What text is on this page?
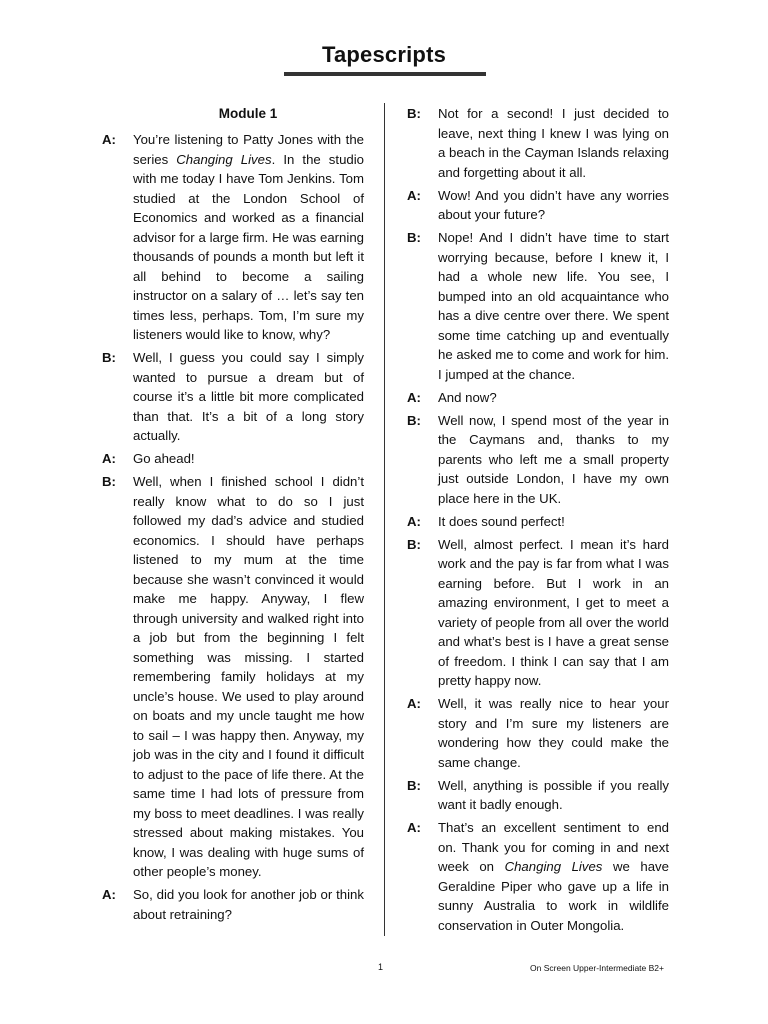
Tapescripts
Module 1
A:	You’re listening to Patty Jones with the series Changing Lives. In the studio with me today I have Tom Jenkins. Tom studied at the London School of Economics and worked as a financial advisor for a large firm. He was earning thousands of pounds a month but left it all behind to become a sailing instructor on a salary of … let’s say ten times less, perhaps. Tom, I’m sure my listeners would like to know, why?
B:	Well, I guess you could say I simply wanted to pursue a dream but of course it’s a little bit more complicated than that. It’s a bit of a long story actually.
A:	Go ahead!
B:	Well, when I finished school I didn’t really know what to do so I just followed my dad’s advice and studied economics. I should have perhaps listened to my mum at the time because she wasn’t convinced it would make me happy. Anyway, I flew through university and walked right into a job but from the beginning I felt something was missing. I started remembering family holidays at my uncle’s house. We used to play around on boats and my uncle taught me how to sail – I was happy then. Anyway, my job was in the city and I found it difficult to adjust to the pace of life there. At the same time I had lots of pressure from my boss to meet deadlines. I was really stressed about making mistakes. You know, I was dealing with huge sums of other people’s money.
A:	So, did you look for another job or think about retraining?
B:	Not for a second! I just decided to leave, next thing I knew I was lying on a beach in the Cayman Islands relaxing and forgetting about it all.
A:	Wow! And you didn’t have any worries about your future?
B:	Nope! And I didn’t have time to start worrying because, before I knew it, I had a whole new life. You see, I bumped into an old acquaintance who has a dive centre over there. We spent some time catching up and eventually he asked me to come and work for him. I jumped at the chance.
A:	And now?
B:	Well now, I spend most of the year in the Caymans and, thanks to my parents who left me a small property just outside London, I have my own place here in the UK.
A:	It does sound perfect!
B:	Well, almost perfect. I mean it’s hard work and the pay is far from what I was earning before. But I work in an amazing environment, I get to meet a variety of people from all over the world and what’s best is I have a great sense of freedom. I think I can say that I am pretty happy now.
A:	Well, it was really nice to hear your story and I’m sure my listeners are wondering how they could make the same change.
B:	Well, anything is possible if you really want it badly enough.
A:	That’s an excellent sentiment to end on. Thank you for coming in and next week on Changing Lives we have Geraldine Piper who gave up a life in sunny Australia to work in wildlife conservation in Outer Mongolia.
1	On Screen Upper-Intermediate B2+
